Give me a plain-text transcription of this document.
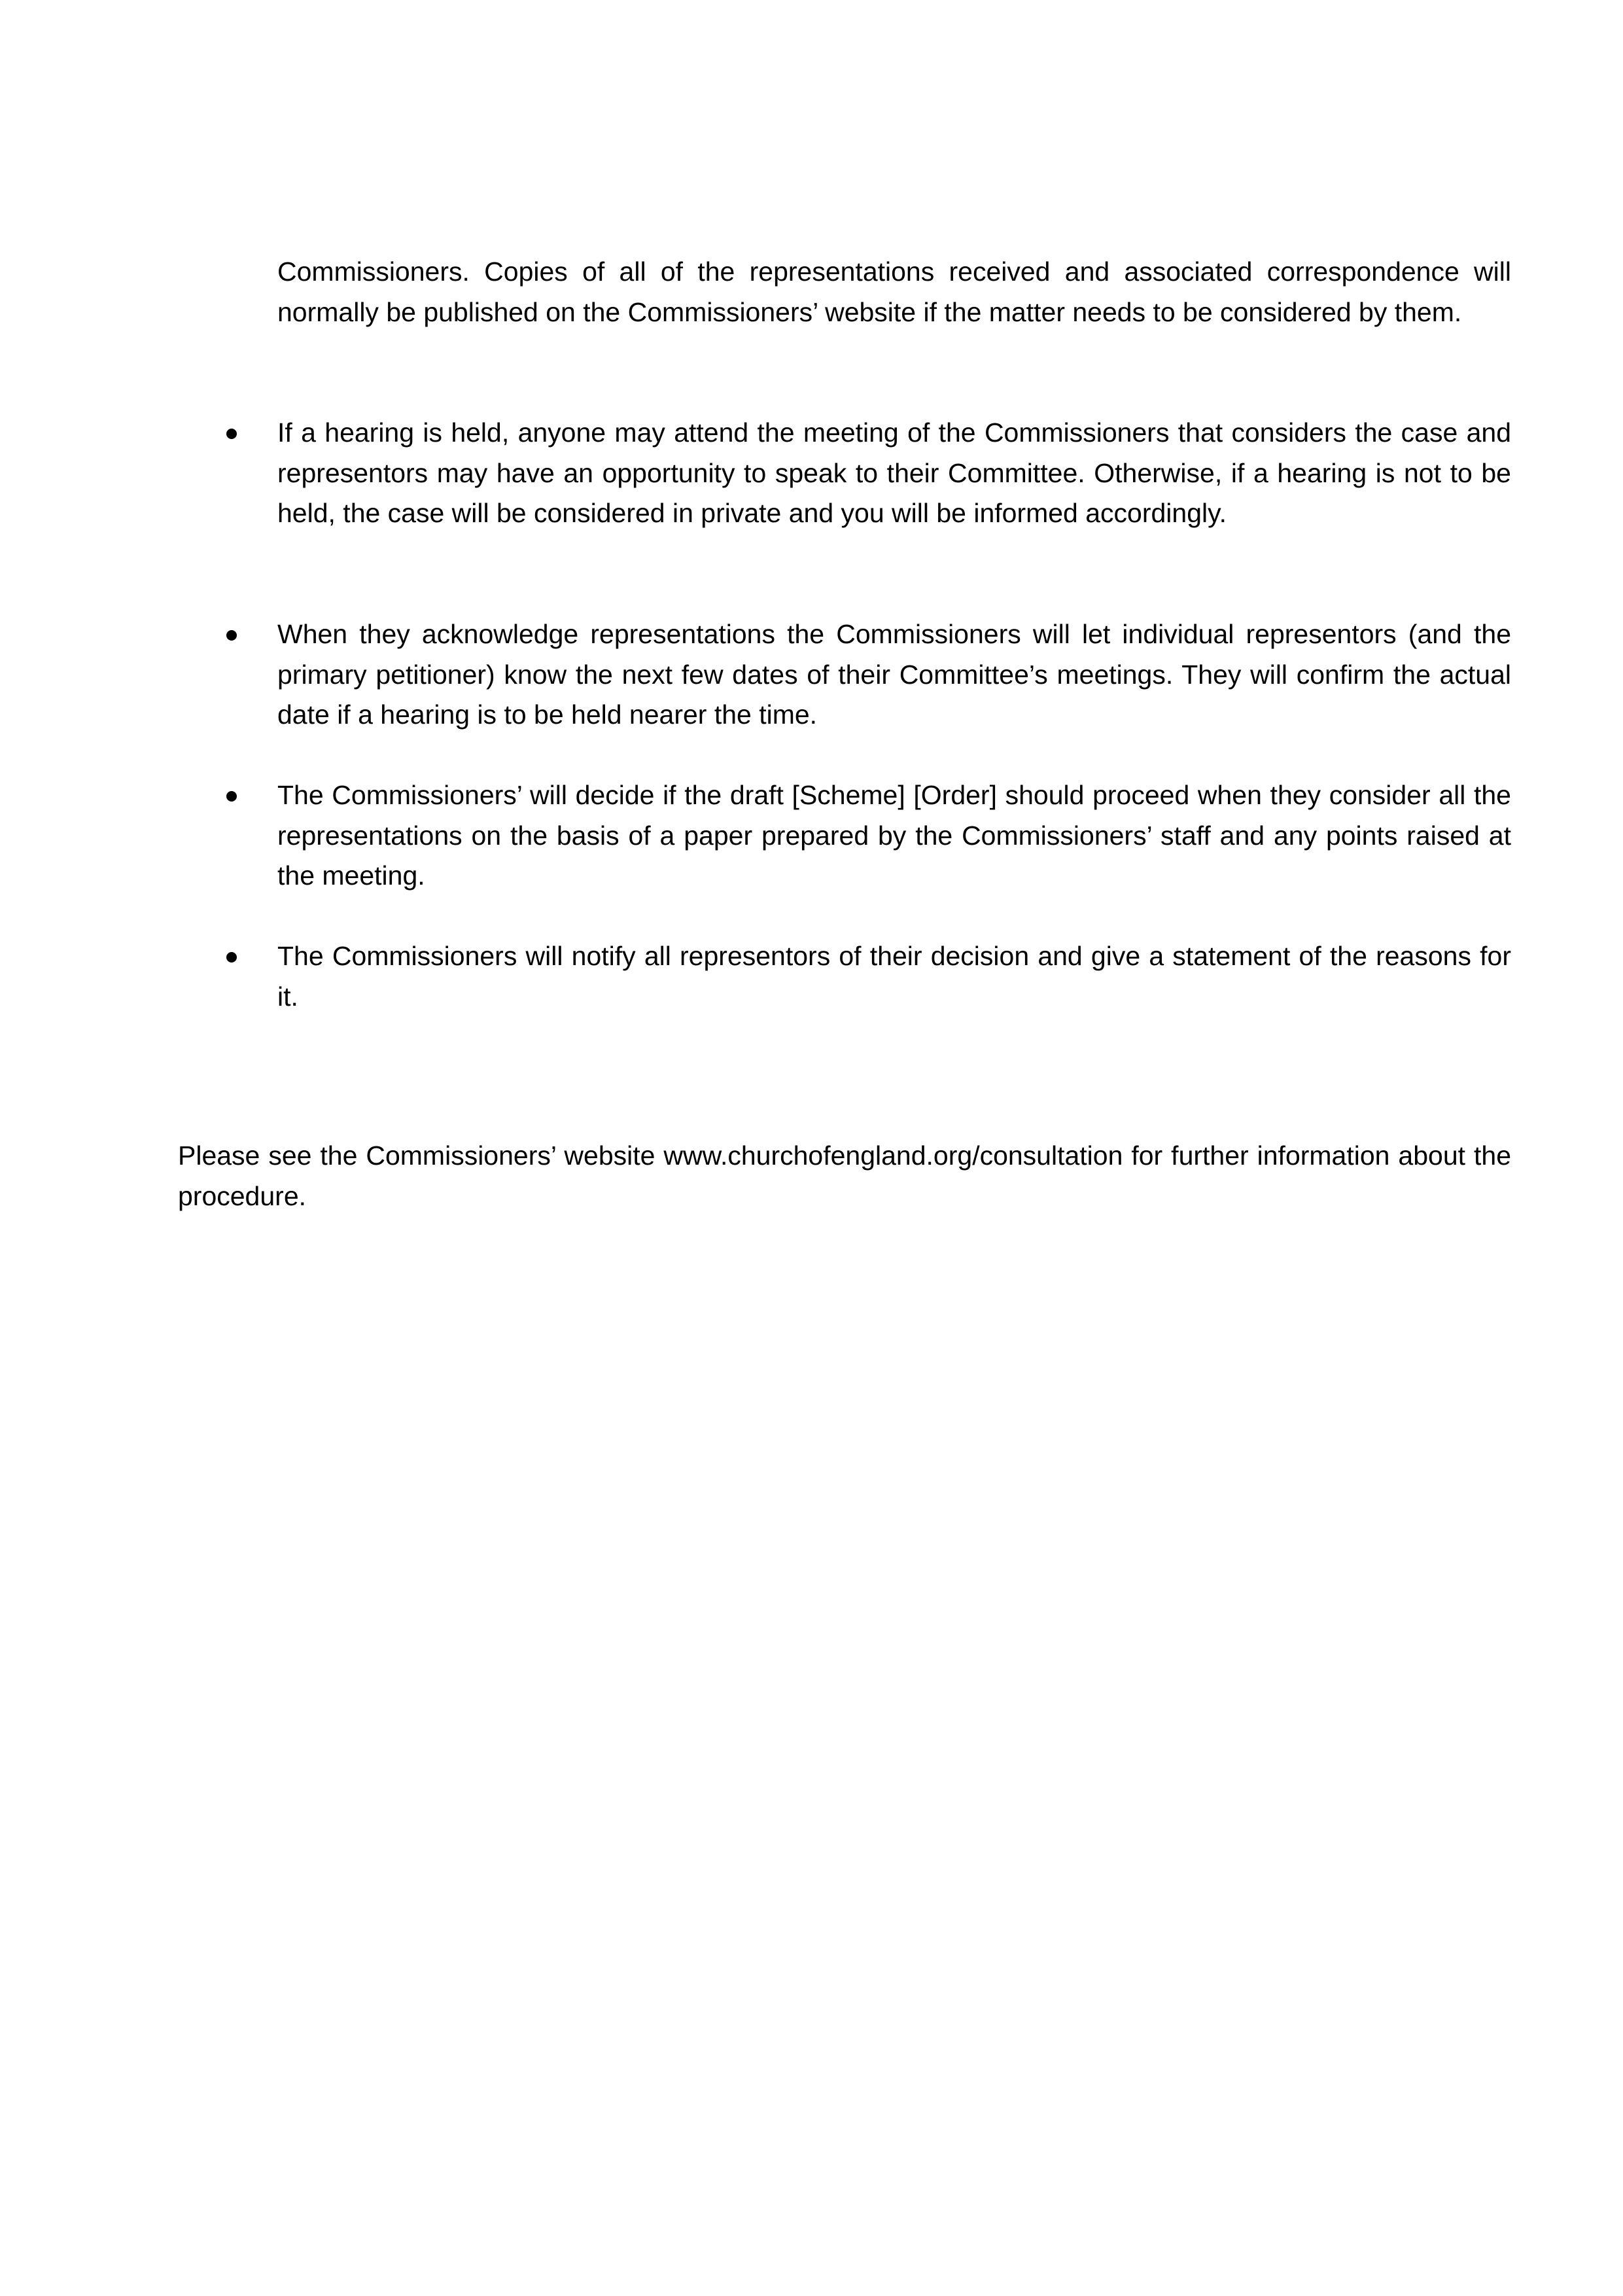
Commissioners. Copies of all of the representations received and associated correspondence will normally be published on the Commissioners’ website if the matter needs to be considered by them.

If a hearing is held, anyone may attend the meeting of the Commissioners that considers the case and representors may have an opportunity to speak to their Committee. Otherwise, if a hearing is not to be held, the case will be considered in private and you will be informed accordingly.

When they acknowledge representations the Commissioners will let individual representors (and the primary petitioner) know the next few dates of their Committee’s meetings. They will confirm the actual date if a hearing is to be held nearer the time.

The Commissioners’ will decide if the draft [Scheme] [Order] should proceed when they consider all the representations on the basis of a paper prepared by the Commissioners’ staff and any points raised at the meeting.

The Commissioners will notify all representors of their decision and give a statement of the reasons for it.

Please see the Commissioners’ website www.churchofengland.org/consultation for further information about the procedure.
